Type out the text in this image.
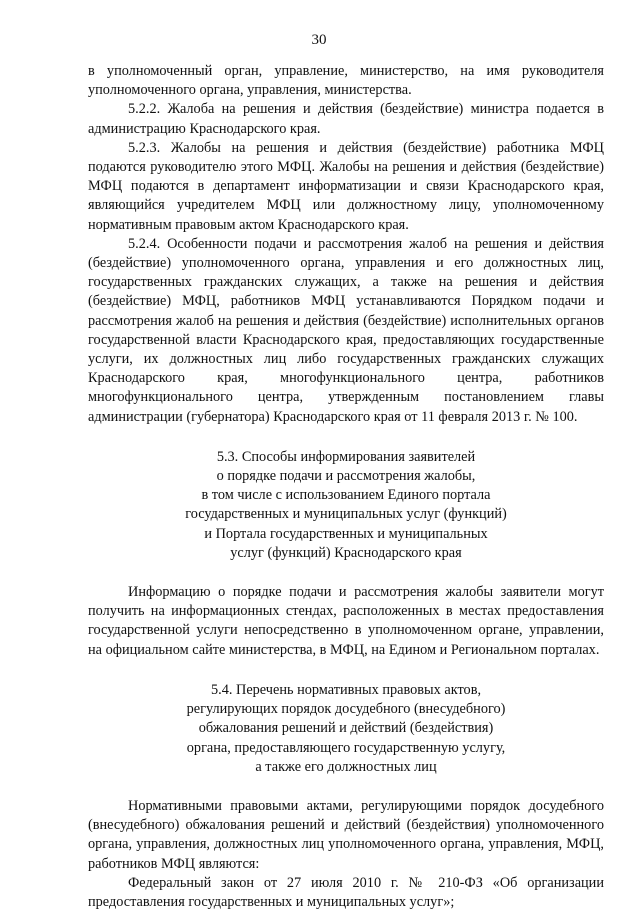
30

в уполномоченный орган, управление, министерство, на имя руководителя уполномоченного органа, управления, министерства.

5.2.2. Жалоба на решения и действия (бездействие) министра подается в администрацию Краснодарского края.

5.2.3. Жалобы на решения и действия (бездействие) работника МФЦ подаются руководителю этого МФЦ. Жалобы на решения и действия (бездействие) МФЦ подаются в департамент информатизации и связи Краснодарского края, являющийся учредителем МФЦ или должностному лицу, уполномоченному нормативным правовым актом Краснодарского края.

5.2.4. Особенности подачи и рассмотрения жалоб на решения и действия (бездействие) уполномоченного органа, управления и его должностных лиц, государственных гражданских служащих, а также на решения и действия (бездействие) МФЦ, работников МФЦ устанавливаются Порядком подачи и рассмотрения жалоб на решения и действия (бездействие) исполнительных органов государственной власти Краснодарского края, предоставляющих государственные услуги, их должностных лиц либо государственных гражданских служащих Краснодарского края, многофункционального центра, работников многофункционального центра, утвержденным постановлением главы администрации (губернатора) Краснодарского края от 11 февраля 2013 г. № 100.

5.3. Способы информирования заявителей
о порядке подачи и рассмотрения жалобы,
в том числе с использованием Единого портала
государственных и муниципальных услуг (функций)
и Портала государственных и муниципальных
услуг (функций) Краснодарского края

Информацию о порядке подачи и рассмотрения жалобы заявители могут получить на информационных стендах, расположенных в местах предоставления государственной услуги непосредственно в уполномоченном органе, управлении, на официальном сайте министерства, в МФЦ, на Едином и Региональном порталах.

5.4. Перечень нормативных правовых актов,
регулирующих порядок досудебного (внесудебного)
обжалования решений и действий (бездействия)
органа, предоставляющего государственную услугу,
а также его должностных лиц

Нормативными правовыми актами, регулирующими порядок досудебного (внесудебного) обжалования решений и действий (бездействия) уполномоченного органа, управления, должностных лиц уполномоченного органа, управления, МФЦ, работников МФЦ являются:

Федеральный закон от 27 июля 2010 г. № 210-ФЗ «Об организации предоставления государственных и муниципальных услуг»;
